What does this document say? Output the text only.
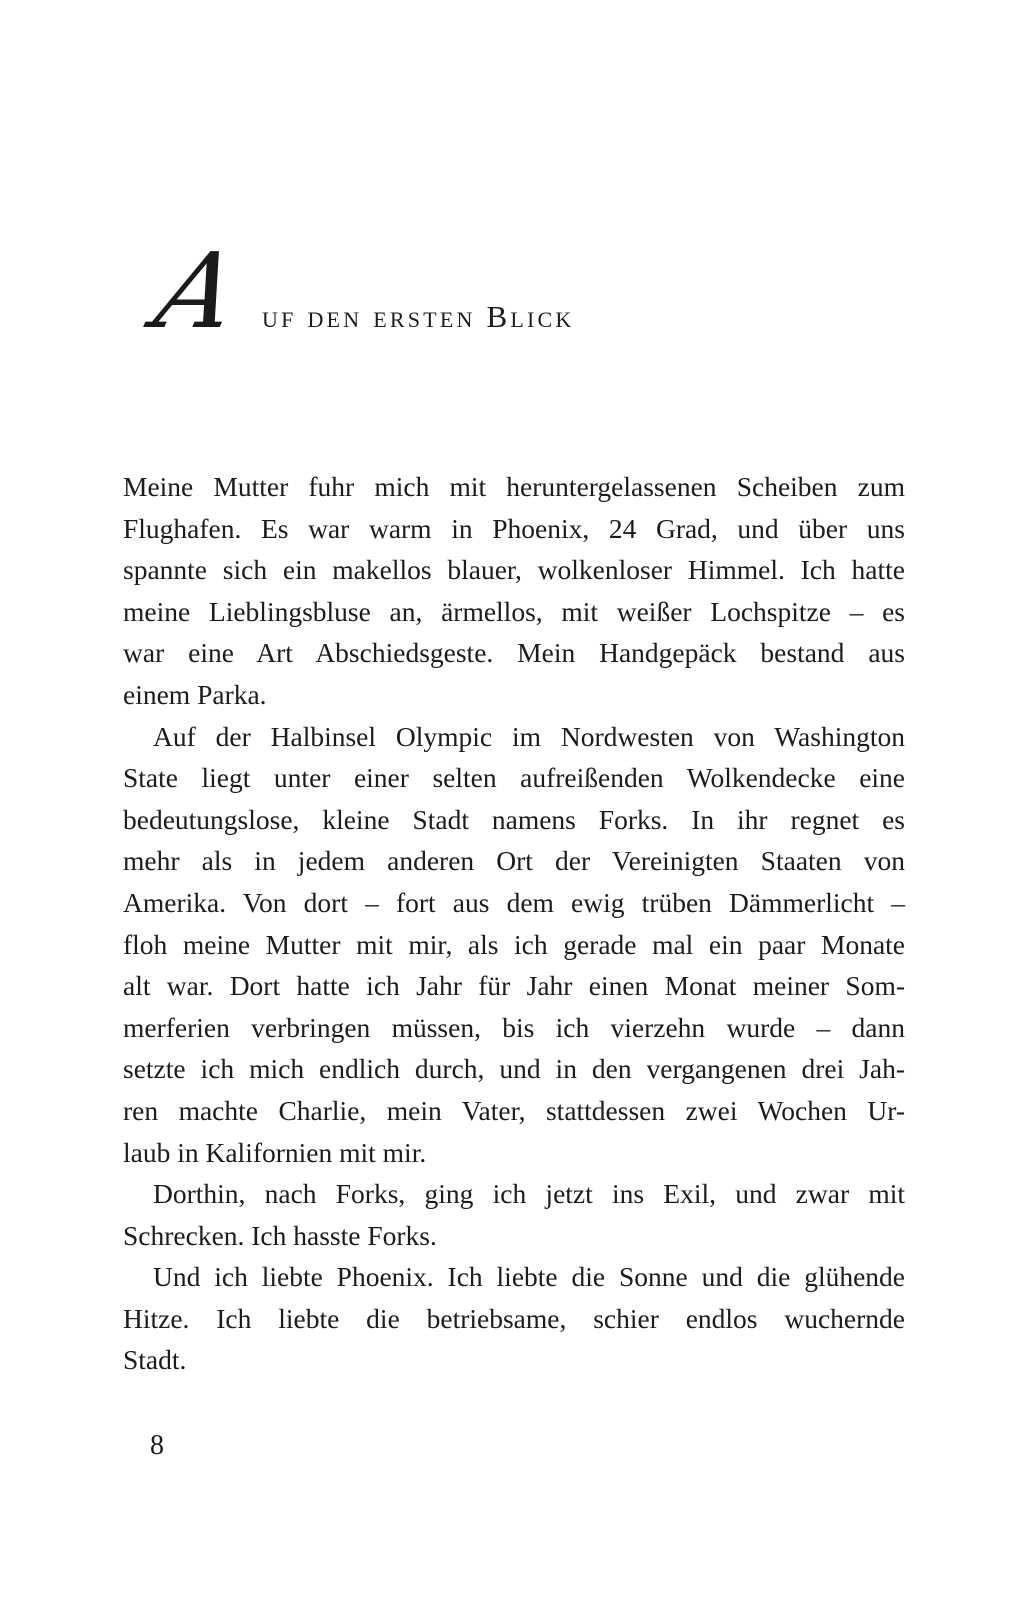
A uf den ersten Blick
Meine Mutter fuhr mich mit heruntergelassenen Scheiben zum
Flughafen. Es war warm in Phoenix, 24 Grad, und über uns
spannte sich ein makellos blauer, wolkenloser Himmel. Ich hatte
meine Lieblingsbluse an, ärmellos, mit weißer Lochspitze – es
war eine Art Abschiedsgeste. Mein Handgepäck bestand aus
einem Parka.
Auf der Halbinsel Olympic im Nordwesten von Washington
State liegt unter einer selten aufreißenden Wolkendecke eine
bedeutungslose, kleine Stadt namens Forks. In ihr regnet es
mehr als in jedem anderen Ort der Vereinigten Staaten von
Amerika. Von dort – fort aus dem ewig trüben Dämmerlicht –
floh meine Mutter mit mir, als ich gerade mal ein paar Monate
alt war. Dort hatte ich Jahr für Jahr einen Monat meiner Som-
merferien verbringen müssen, bis ich vierzehn wurde – dann
setzte ich mich endlich durch, und in den vergangenen drei Jah-
ren machte Charlie, mein Vater, stattdessen zwei Wochen Ur-
laub in Kalifornien mit mir.
Dorthin, nach Forks, ging ich jetzt ins Exil, und zwar mit
Schrecken. Ich hasste Forks.
Und ich liebte Phoenix. Ich liebte die Sonne und die glühende
Hitze. Ich liebte die betriebsame, schier endlos wuchernde
Stadt.
8
